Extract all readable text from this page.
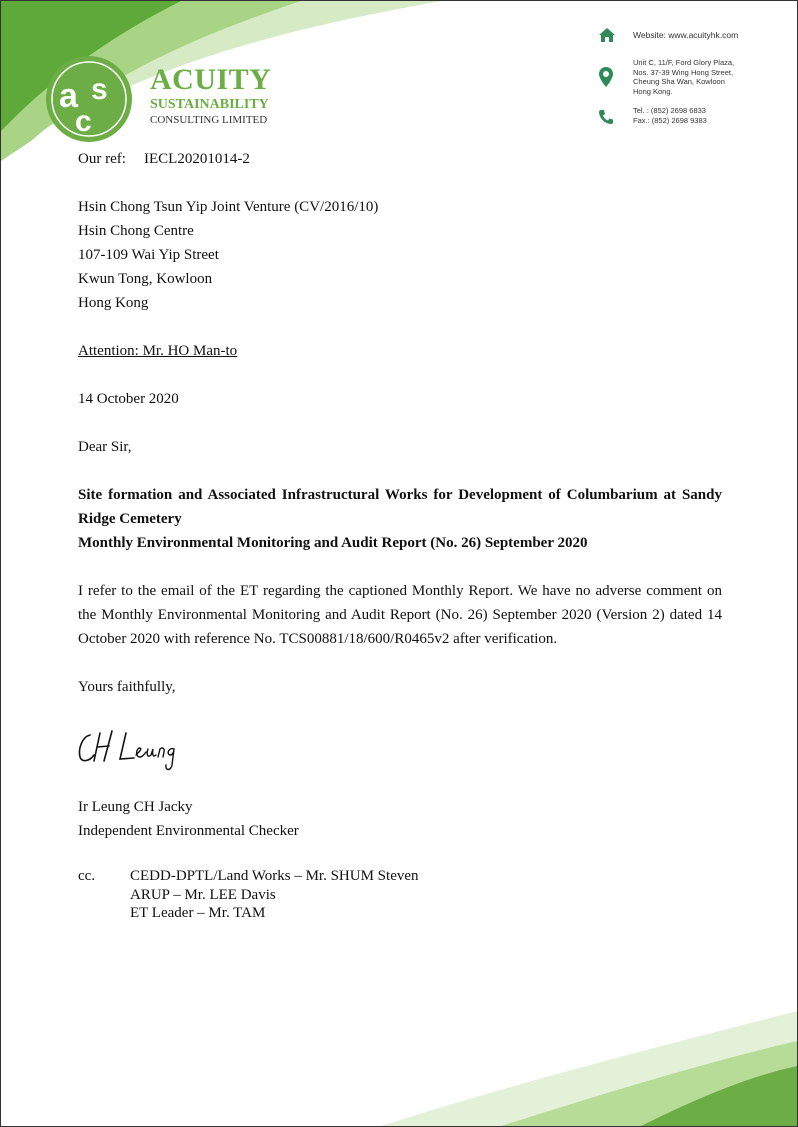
a s
c
ACUITY
SUSTAINABILITY
CONSULTING LIMITED
Website: www.acuityhk.com
Unit C, 11/F, Ford Glory Plaza,
Nos. 37-39 Wing Hong Street,
Cheung Sha Wan, Kowloon
Hong Kong.
Tel. : (852) 2698 6833
Fax.: (852) 2698 9383
Our ref: IECL20201014-2
Hsin Chong Tsun Yip Joint Venture (CV/2016/10)
Hsin Chong Centre
107-109 Wai Yip Street
Kwun Tong, Kowloon
Hong Kong
Attention: Mr. HO Man-to
14 October 2020
Dear Sir,
Site formation and Associated Infrastructural Works for Development of Columbarium at Sandy Ridge Cemetery
Monthly Environmental Monitoring and Audit Report (No. 26) September 2020
I refer to the email of the ET regarding the captioned Monthly Report. We have no adverse comment on the Monthly Environmental Monitoring and Audit Report (No. 26) September 2020 (Version 2) dated 14 October 2020 with reference No. TCS00881/18/600/R0465v2 after verification.
Yours faithfully,
Ir Leung CH Jacky
Independent Environmental Checker
cc. CEDD-DPTL/Land Works – Mr. SHUM Steven
ARUP – Mr. LEE Davis
ET Leader – Mr. TAM
